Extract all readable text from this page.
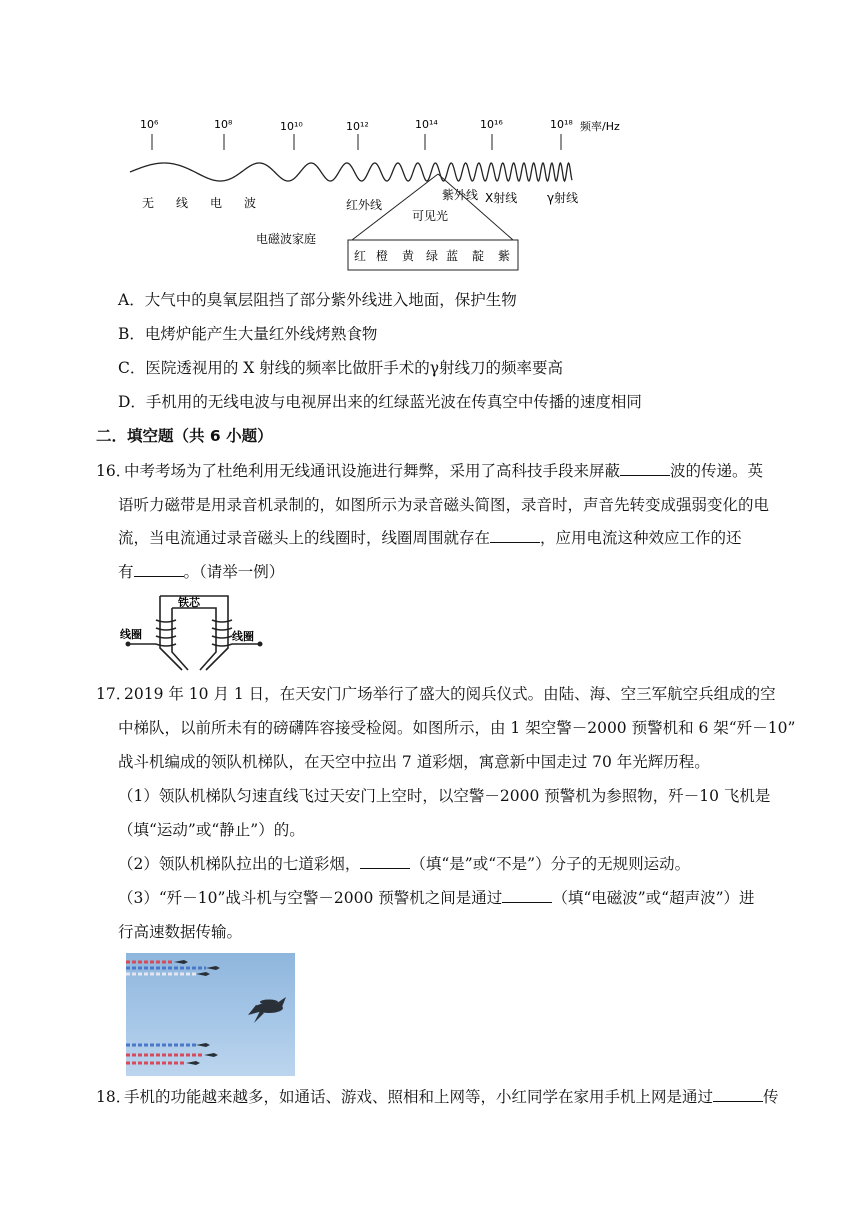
10⁶	10⁸	10¹⁰	10¹²	10¹⁴	10¹⁶	10¹⁸ 频率/Hz
无 线 电 波	红外线
紫外线 X射线 γ射线
可见光
电磁波家庭
红 橙 黄 绿 蓝 靛 紫
A．大气中的臭氧层阻挡了部分紫外线进入地面，保护生物
B．电烤炉能产生大量红外线烤熟食物
C．医院透视用的 X 射线的频率比做肝手术的γ射线刀的频率要高
D．手机用的无线电波与电视屏出来的红绿蓝光波在传真空中传播的速度相同
二．填空题（共 6 小题）
16．
中考考场为了杜绝利用无线通讯设施进行舞弊，采用了高科技手段来屏蔽	波的传递。英
语听力磁带是用录音机录制的，如图所示为录音磁头简图，录音时，声音先转变成强弱变化的电
流，当电流通过录音磁头上的线圈时，线圈周围就存在	，应用电流这种效应工作的还
有	。（请举一例）
铁芯
线圈	线圈
17．
2019 年 10 月 1 日，在天安门广场举行了盛大的阅兵仪式。由陆、海、空三军航空兵组成的空
中梯队，以前所未有的磅礴阵容接受检阅。如图所示，由 1 架空警－2000 预警机和 6 架“歼－10”
战斗机编成的领队机梯队，在天空中拉出 7 道彩烟，寓意新中国走过 70 年光辉历程。
（1）领队机梯队匀速直线飞过天安门上空时，以空警－2000 预警机为参照物，歼－10 飞机是
（填“运动”或“静止”）的。
（2）领队机梯队拉出的七道彩烟，	（填“是”或“不是”）分子的无规则运动。
（3）“歼－10”战斗机与空警－2000 预警机之间是通过	（填“电磁波”或“超声波”）进
行高速数据传输。
18．
手机的功能越来越多，如通话、游戏、照相和上网等，小红同学在家用手机上网是通过	传
